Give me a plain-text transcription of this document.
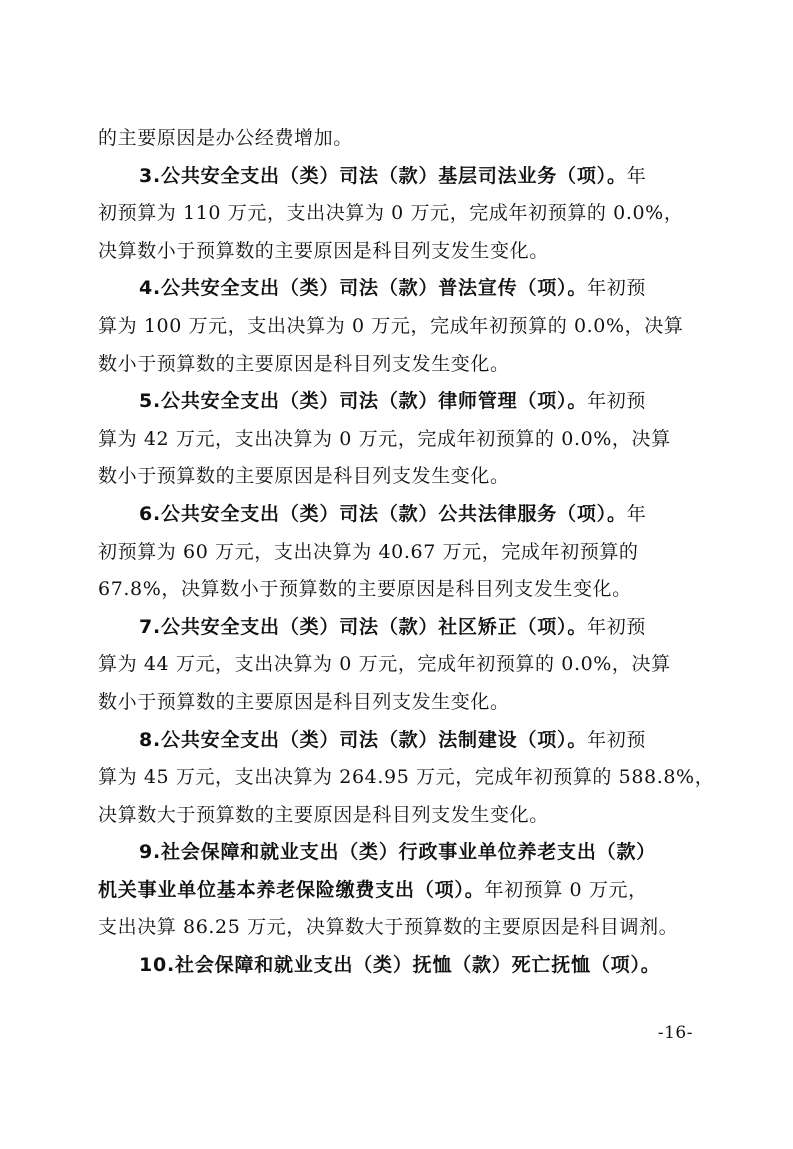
的主要原因是办公经费增加。
3.公共安全支出（类）司法（款）基层司法业务（项）。年
初预算为 110 万元，支出决算为 0 万元，完成年初预算的 0.0%，
决算数小于预算数的主要原因是科目列支发生变化。
4.公共安全支出（类）司法（款）普法宣传（项）。年初预
算为 100 万元，支出决算为 0 万元，完成年初预算的 0.0%，决算
数小于预算数的主要原因是科目列支发生变化。
5.公共安全支出（类）司法（款）律师管理（项）。年初预
算为 42 万元，支出决算为 0 万元，完成年初预算的 0.0%，决算
数小于预算数的主要原因是科目列支发生变化。
6.公共安全支出（类）司法（款）公共法律服务（项）。年
初预算为 60 万元，支出决算为 40.67 万元，完成年初预算的
67.8%，决算数小于预算数的主要原因是科目列支发生变化。
7.公共安全支出（类）司法（款）社区矫正（项）。年初预
算为 44 万元，支出决算为 0 万元，完成年初预算的 0.0%，决算
数小于预算数的主要原因是科目列支发生变化。
8.公共安全支出（类）司法（款）法制建设（项）。年初预
算为 45 万元，支出决算为 264.95 万元，完成年初预算的 588.8%，
决算数大于预算数的主要原因是科目列支发生变化。
9.社会保障和就业支出（类）行政事业单位养老支出（款）
机关事业单位基本养老保险缴费支出（项）。年初预算 0 万元，
支出决算 86.25 万元，决算数大于预算数的主要原因是科目调剂。
10.社会保障和就业支出（类）抚恤（款）死亡抚恤（项）。
-16-
